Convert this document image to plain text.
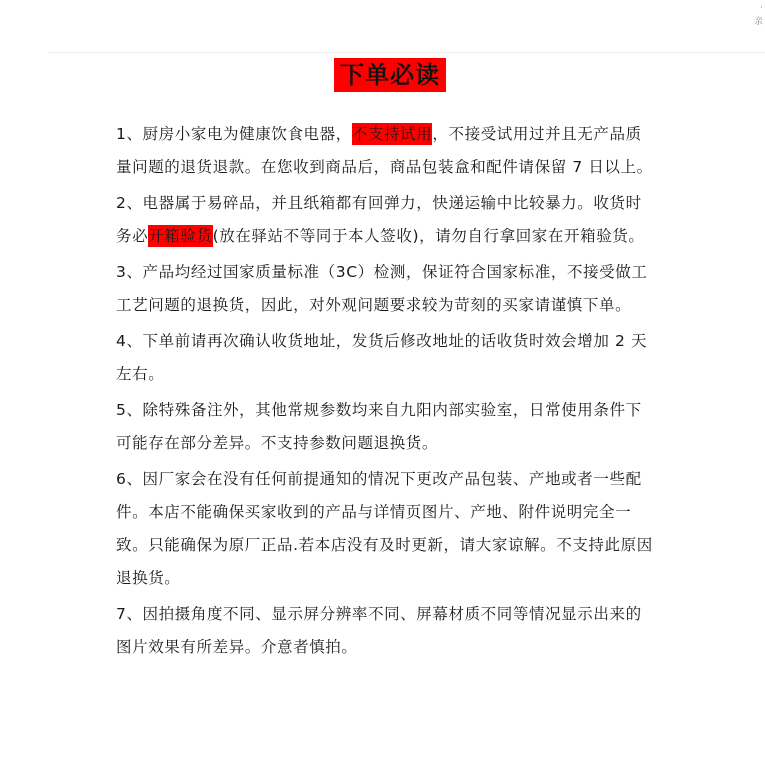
·
亲
下单必读

1、厨房小家电为健康饮食电器，不支持试用，不接受试用过并且无产品质量问题的退货退款。在您收到商品后，商品包装盒和配件请保留 7 日以上。

2、电器属于易碎品，并且纸箱都有回弹力，快递运输中比较暴力。收货时务必开箱验货(放在驿站不等同于本人签收)，请勿自行拿回家在开箱验货。

3、产品均经过国家质量标准（3C）检测，保证符合国家标准，不接受做工工艺问题的退换货，因此，对外观问题要求较为苛刻的买家请谨慎下单。

4、下单前请再次确认收货地址，发货后修改地址的话收货时效会增加 2 天左右。

5、除特殊备注外，其他常规参数均来自九阳内部实验室，日常使用条件下可能存在部分差异。不支持参数问题退换货。

6、因厂家会在没有任何前提通知的情况下更改产品包装、产地或者一些配件。本店不能确保买家收到的产品与详情页图片、产地、附件说明完全一致。只能确保为原厂正品.若本店没有及时更新，请大家谅解。不支持此原因退换货。

7、因拍摄角度不同、显示屏分辨率不同、屏幕材质不同等情况显示出来的图片效果有所差异。介意者慎拍。
